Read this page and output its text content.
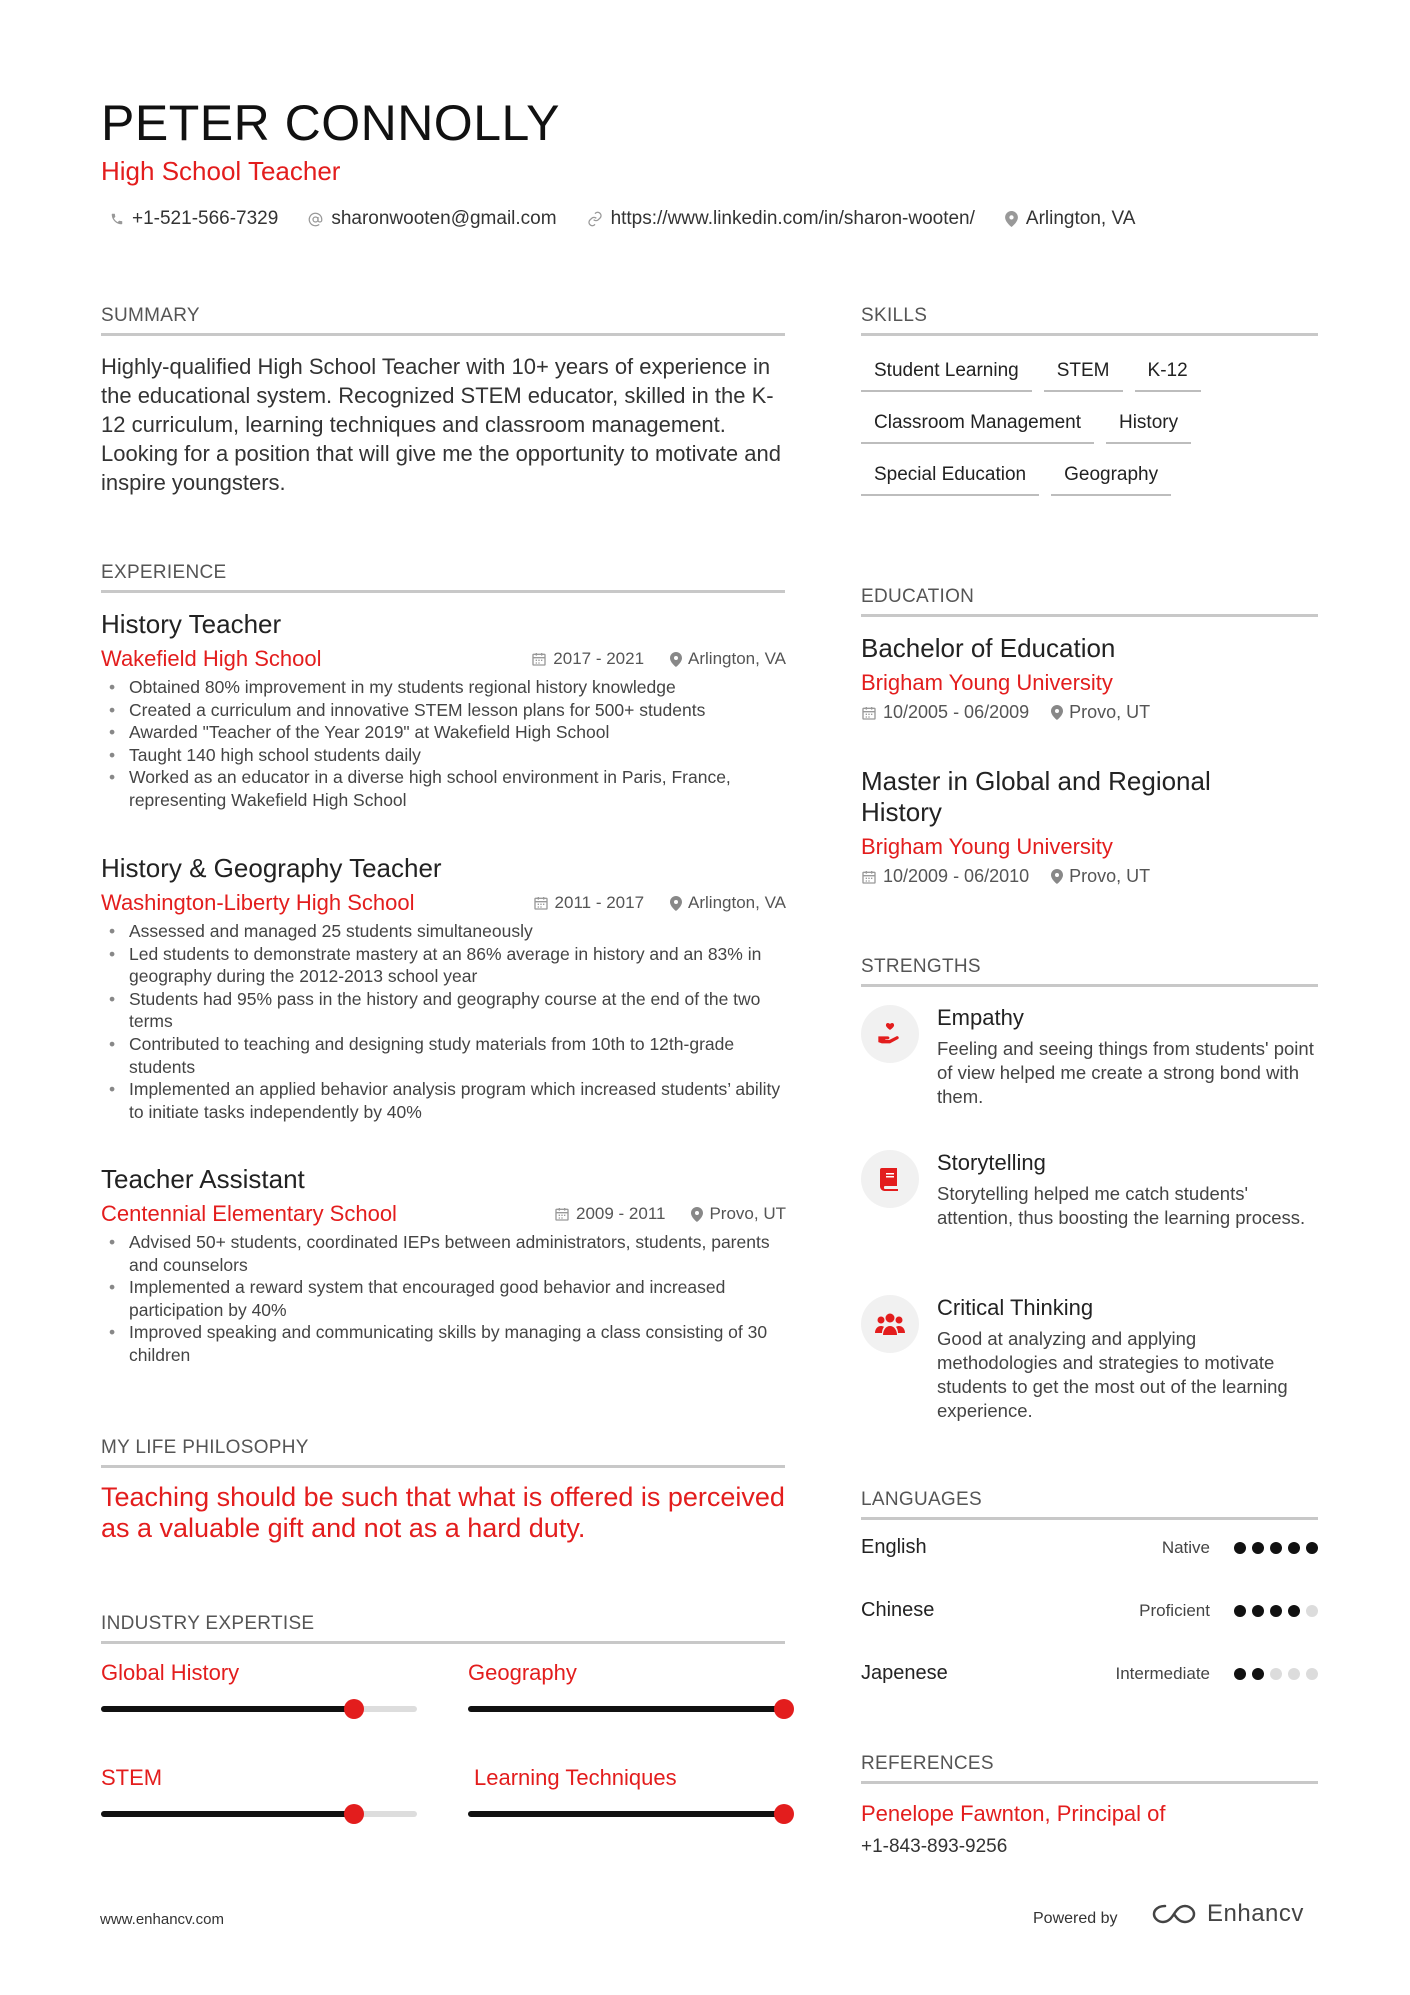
PETER CONNOLLY
High School Teacher
+1-521-566-7329	sharonwooten@gmail.com	https://www.linkedin.com/in/sharon-wooten/	Arlington, VA
SUMMARY
Highly-qualified High School Teacher with 10+ years of experience in the educational system. Recognized STEM educator, skilled in the K-12 curriculum, learning techniques and classroom management. Looking for a position that will give me the opportunity to motivate and inspire youngsters.
EXPERIENCE
History Teacher
Wakefield High School	2017 - 2021	Arlington, VA
• Obtained 80% improvement in my students regional history knowledge
• Created a curriculum and innovative STEM lesson plans for 500+ students
• Awarded "Teacher of the Year 2019" at Wakefield High School
• Taught 140 high school students daily
• Worked as an educator in a diverse high school environment in Paris, France, representing Wakefield High School
History & Geography Teacher
Washington-Liberty High School	2011 - 2017	Arlington, VA
• Assessed and managed 25 students simultaneously
• Led students to demonstrate mastery at an 86% average in history and an 83% in geography during the 2012-2013 school year
• Students had 95% pass in the history and geography course at the end of the two terms
• Contributed to teaching and designing study materials from 10th to 12th-grade students
• Implemented an applied behavior analysis program which increased students’ ability to initiate tasks independently by 40%
Teacher Assistant
Centennial Elementary School	2009 - 2011	Provo, UT
• Advised 50+ students, coordinated IEPs between administrators, students, parents and counselors
• Implemented a reward system that encouraged good behavior and increased participation by 40%
• Improved speaking and communicating skills by managing a class consisting of 30 children
MY LIFE PHILOSOPHY
Teaching should be such that what is offered is perceived as a valuable gift and not as a hard duty.
INDUSTRY EXPERTISE
Global History	Geography
STEM	Learning Techniques
SKILLS
Student Learning	STEM	K-12
Classroom Management	History
Special Education	Geography
EDUCATION
Bachelor of Education
Brigham Young University
10/2005 - 06/2009 Provo, UT
Master in Global and Regional History
Brigham Young University
10/2009 - 06/2010 Provo, UT
STRENGTHS
Empathy
Feeling and seeing things from students' point of view helped me create a strong bond with them.
Storytelling
Storytelling helped me catch students' attention, thus boosting the learning process.
Critical Thinking
Good at analyzing and applying methodologies and strategies to motivate students to get the most out of the learning experience.
LANGUAGES
English	Native
Chinese	Proficient
Japenese	Intermediate
REFERENCES
Penelope Fawnton, Principal of
+1-843-893-9256
www.enhancv.com	Powered by	Enhancv
